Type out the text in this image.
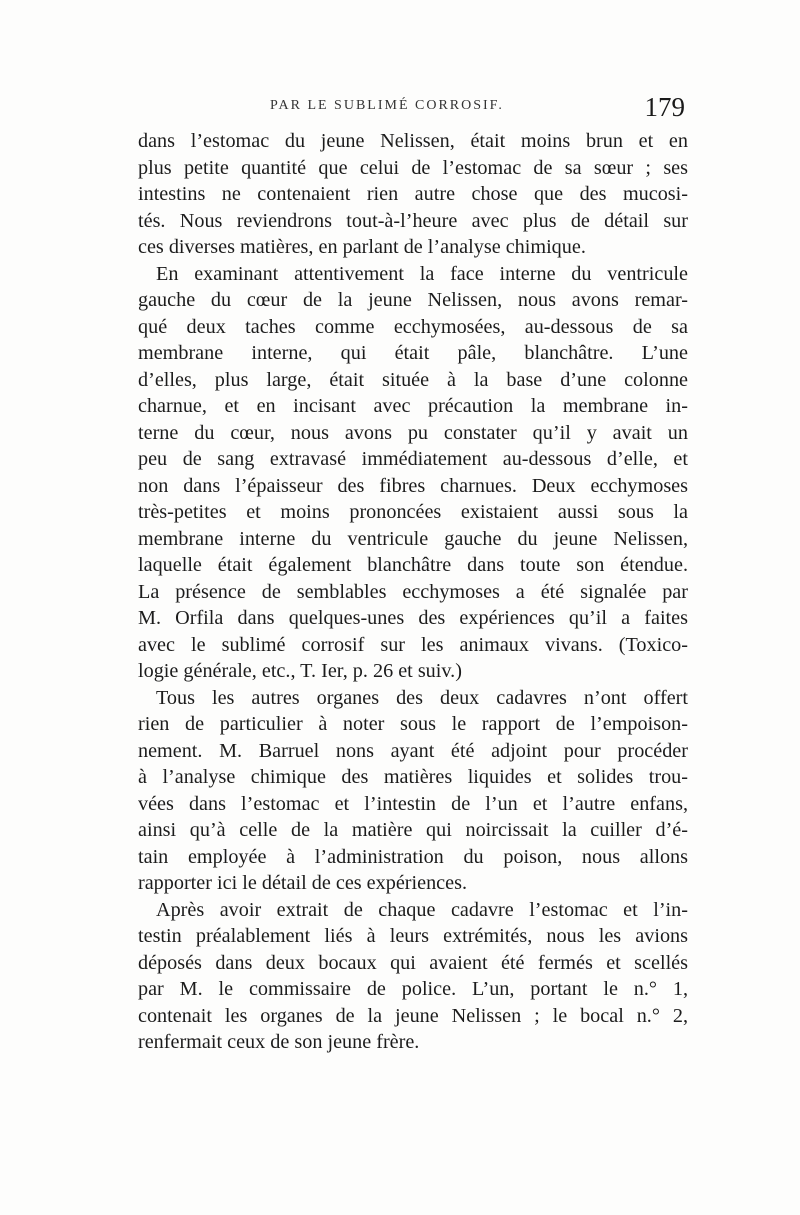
PAR LE SUBLIMÉ CORROSIF.	179
dans l’estomac du jeune Nelissen, était moins brun et en
plus petite quantité que celui de l’estomac de sa sœur ; ses
intestins ne contenaient rien autre chose que des mucosi-
tés. Nous reviendrons tout-à-l’heure avec plus de détail sur
ces diverses matières, en parlant de l’analyse chimique.
En examinant attentivement la face interne du ventricule
gauche du cœur de la jeune Nelissen, nous avons remar-
qué deux taches comme ecchymosées, au-dessous de sa
membrane interne, qui était pâle, blanchâtre. L’une
d’elles, plus large, était située à la base d’une colonne
charnue, et en incisant avec précaution la membrane in-
terne du cœur, nous avons pu constater qu’il y avait un
peu de sang extravasé immédiatement au-dessous d’elle, et
non dans l’épaisseur des fibres charnues. Deux ecchymoses
très-petites et moins prononcées existaient aussi sous la
membrane interne du ventricule gauche du jeune Nelissen,
laquelle était également blanchâtre dans toute son étendue.
La présence de semblables ecchymoses a été signalée par
M. Orfila dans quelques-unes des expériences qu’il a faites
avec le sublimé corrosif sur les animaux vivans. (Toxico-
logie générale, etc., T. Ier, p. 26 et suiv.)
Tous les autres organes des deux cadavres n’ont offert
rien de particulier à noter sous le rapport de l’empoison-
nement. M. Barruel nons ayant été adjoint pour procéder
à l’analyse chimique des matières liquides et solides trou-
vées dans l’estomac et l’intestin de l’un et l’autre enfans,
ainsi qu’à celle de la matière qui noircissait la cuiller d’é-
tain employée à l’administration du poison, nous allons
rapporter ici le détail de ces expériences.
Après avoir extrait de chaque cadavre l’estomac et l’in-
testin préalablement liés à leurs extrémités, nous les avions
déposés dans deux bocaux qui avaient été fermés et scellés
par M. le commissaire de police. L’un, portant le n.° 1,
contenait les organes de la jeune Nelissen ; le bocal n.° 2,
renfermait ceux de son jeune frère.
